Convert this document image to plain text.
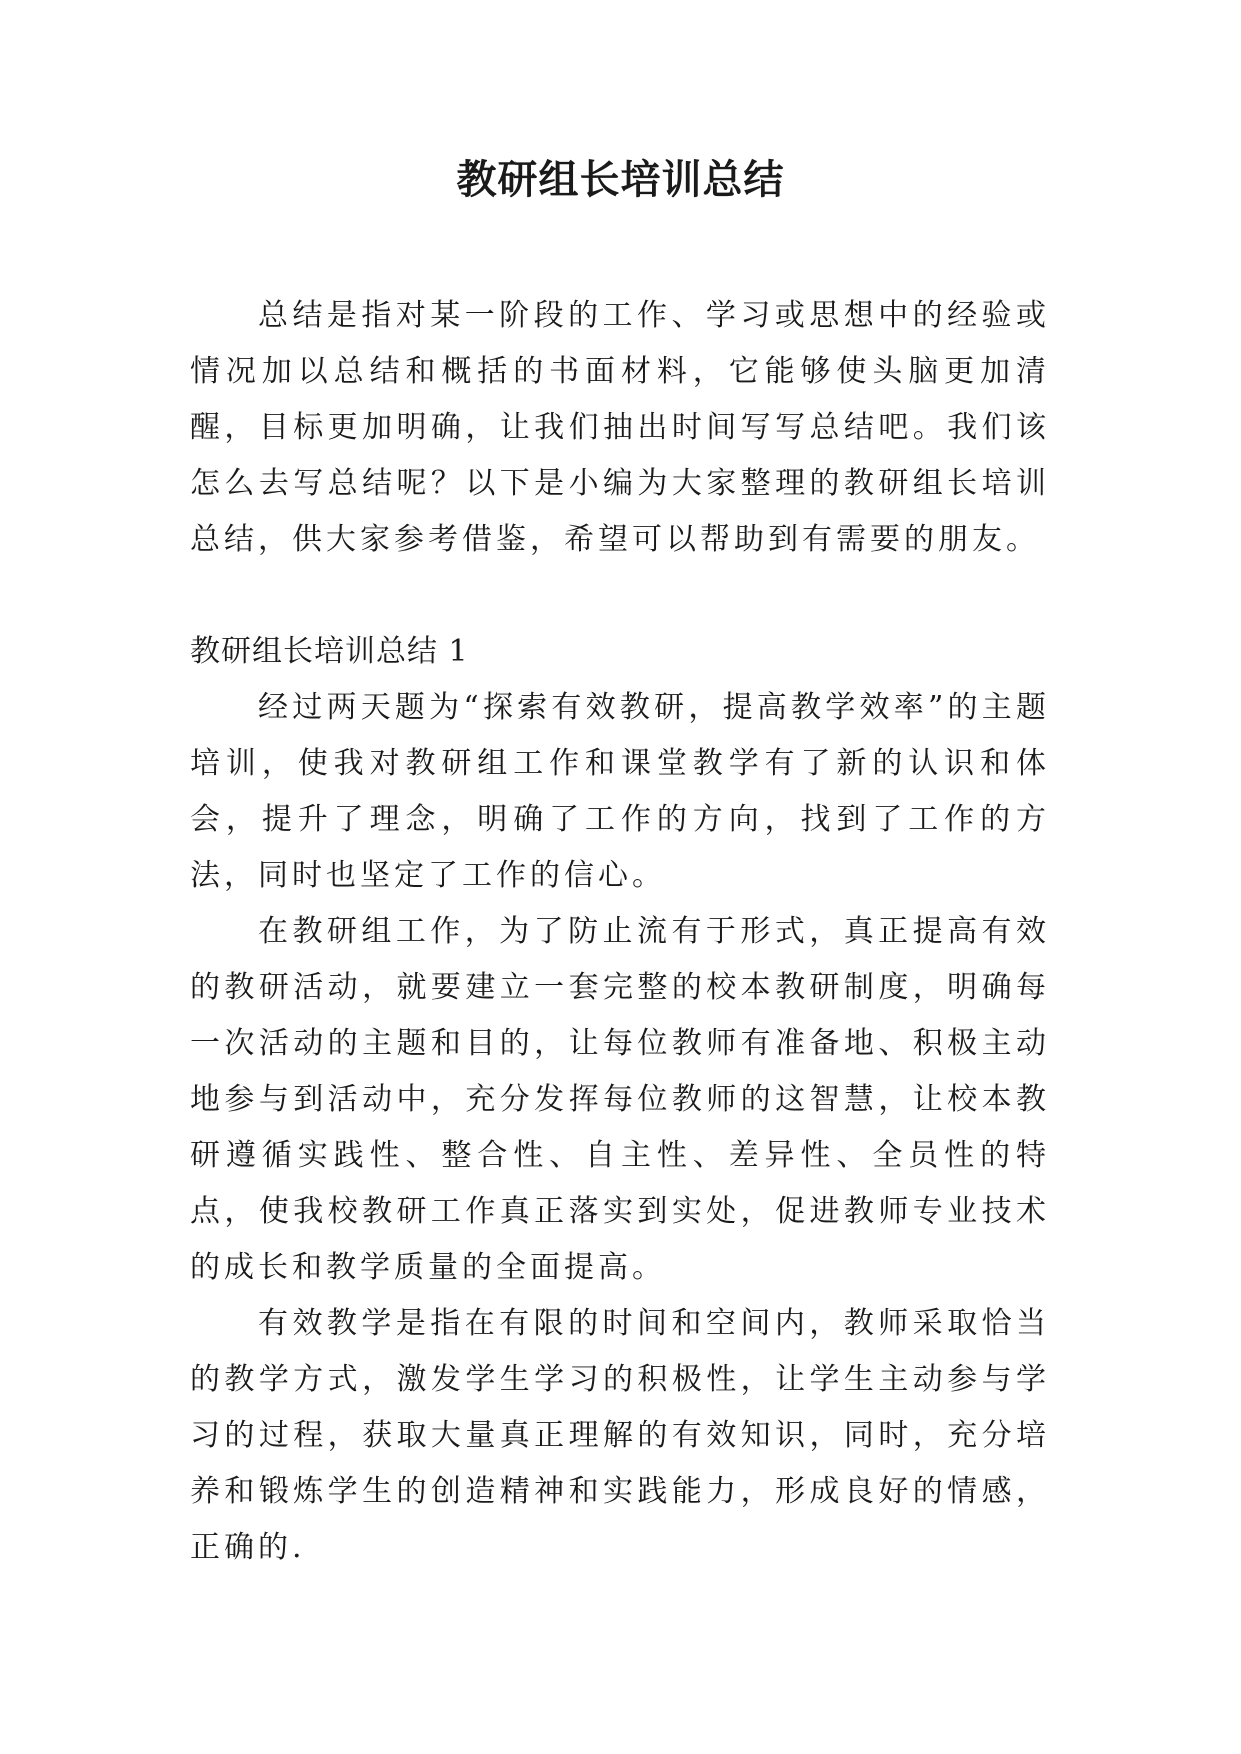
教研组长培训总结

总结是指对某一阶段的工作、学习或思想中的经验或情况加以总结和概括的书面材料，它能够使头脑更加清醒，目标更加明确，让我们抽出时间写写总结吧。我们该怎么去写总结呢？以下是小编为大家整理的教研组长培训总结，供大家参考借鉴，希望可以帮助到有需要的朋友。

教研组长培训总结 1

经过两天题为“探索有效教研，提高教学效率”的主题培训，使我对教研组工作和课堂教学有了新的认识和体会，提升了理念，明确了工作的方向，找到了工作的方法，同时也坚定了工作的信心。

在教研组工作，为了防止流有于形式，真正提高有效的教研活动，就要建立一套完整的校本教研制度，明确每一次活动的主题和目的，让每位教师有准备地、积极主动地参与到活动中，充分发挥每位教师的这智慧，让校本教研遵循实践性、整合性、自主性、差异性、全员性的特点，使我校教研工作真正落实到实处，促进教师专业技术的成长和教学质量的全面提高。

有效教学是指在有限的时间和空间内，教师采取恰当的教学方式，激发学生学习的积极性，让学生主动参与学习的过程，获取大量真正理解的有效知识，同时，充分培养和锻炼学生的创造精神和实践能力，形成良好的情感，正确的.
